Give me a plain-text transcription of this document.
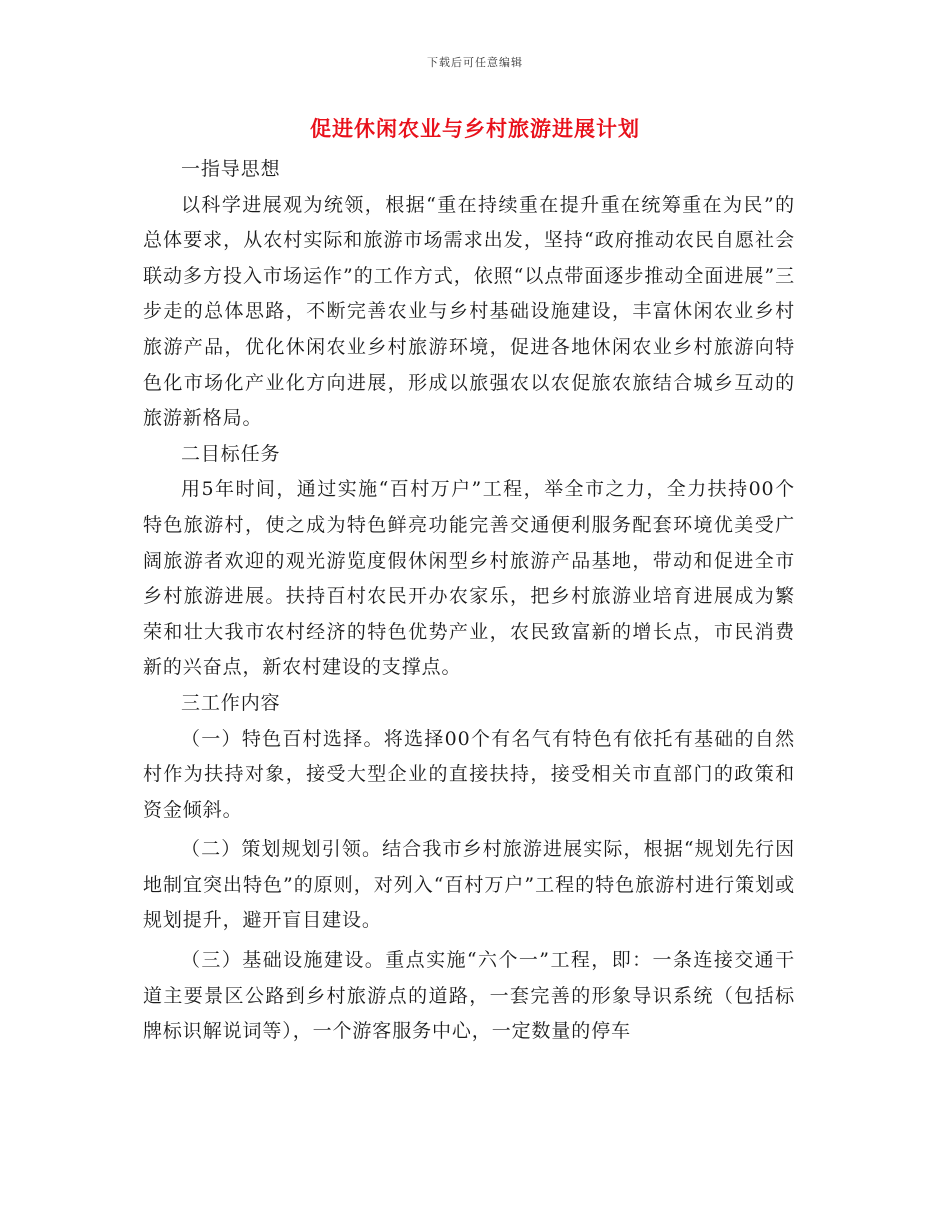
下载后可任意编辑
促进休闲农业与乡村旅游进展计划

一指导思想

以科学进展观为统领，根据“重在持续重在提升重在统筹重在为民”的总体要求，从农村实际和旅游市场需求出发，坚持“政府推动农民自愿社会联动多方投入市场运作”的工作方式，依照“以点带面逐步推动全面进展”三步走的总体思路，不断完善农业与乡村基础设施建设，丰富休闲农业乡村旅游产品，优化休闲农业乡村旅游环境，促进各地休闲农业乡村旅游向特色化市场化产业化方向进展，形成以旅强农以农促旅农旅结合城乡互动的旅游新格局。

二目标任务

用5年时间，通过实施“百村万户”工程，举全市之力，全力扶持00个特色旅游村，使之成为特色鲜亮功能完善交通便利服务配套环境优美受广阔旅游者欢迎的观光游览度假休闲型乡村旅游产品基地，带动和促进全市乡村旅游进展。扶持百村农民开办农家乐，把乡村旅游业培育进展成为繁荣和壮大我市农村经济的特色优势产业，农民致富新的增长点，市民消费新的兴奋点，新农村建设的支撑点。

三工作内容

（一）特色百村选择。将选择00个有名气有特色有依托有基础的自然村作为扶持对象，接受大型企业的直接扶持，接受相关市直部门的政策和资金倾斜。

（二）策划规划引领。结合我市乡村旅游进展实际，根据“规划先行因地制宜突出特色”的原则，对列入“百村万户”工程的特色旅游村进行策划或规划提升，避开盲目建设。

（三）基础设施建设。重点实施“六个一”工程，即：一条连接交通干道主要景区公路到乡村旅游点的道路，一套完善的形象导识系统（包括标牌标识解说词等），一个游客服务中心，一定数量的停车
